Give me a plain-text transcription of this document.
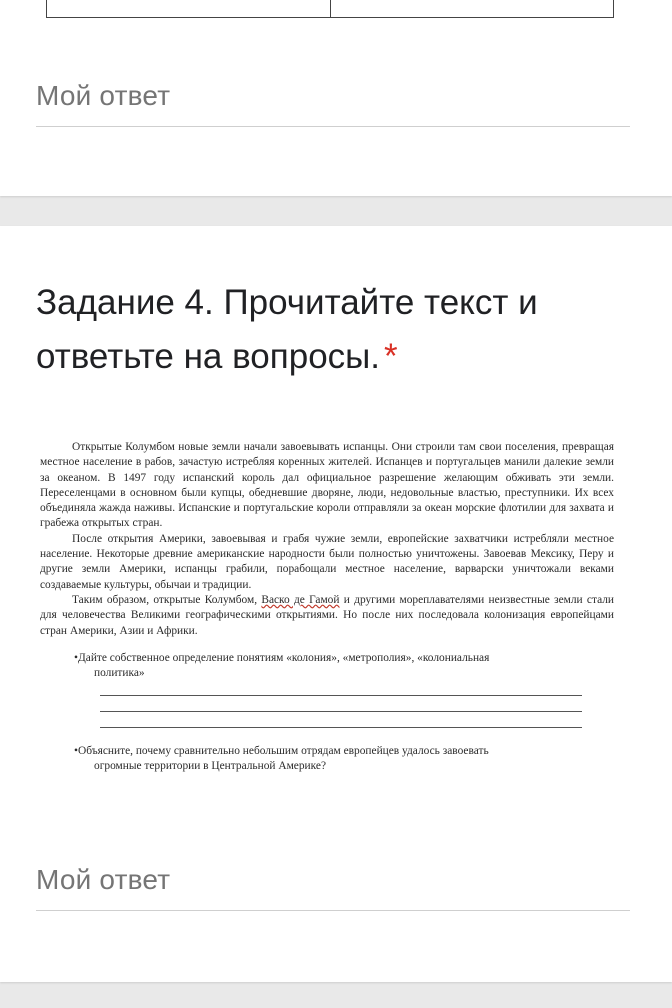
Мой ответ
Задание 4. Прочитайте текст и ответьте на вопросы. *

Открытые Колумбом новые земли начали завоевывать испанцы. Они строили там свои поселения, превращая местное население в рабов, зачастую истребляя коренных жителей. Испанцев и португальцев манили далекие земли за океаном. В 1497 году испанский король дал официальное разрешение желающим обживать эти земли. Переселенцами в основном были купцы, обедневшие дворяне, люди, недовольные властью, преступники. Их всех объединяла жажда наживы. Испанские и португальские короли отправляли за океан морские флотилии для захвата и грабежа открытых стран.

После открытия Америки, завоевывая и грабя чужие земли, европейские захватчики истребляли местное население. Некоторые древние американские народности были полностью уничтожены. Завоевав Мексику, Перу и другие земли Америки, испанцы грабили, порабощали местное население, варварски уничтожали веками создаваемые культуры, обычаи и традиции.

Таким образом, открытые Колумбом, Васко де Гамой и другими мореплавателями неизвестные земли стали для человечества Великими географическими открытиями. Но после них последовала колонизация европейцами стран Америки, Азии и Африки.

•Дайте собственное определение понятиям «колония», «метрополия», «колониальная
политика»
•Объясните, почему сравнительно небольшим отрядам европейцев удалось завоевать
огромные территории в Центральной Америке?
Мой ответ
